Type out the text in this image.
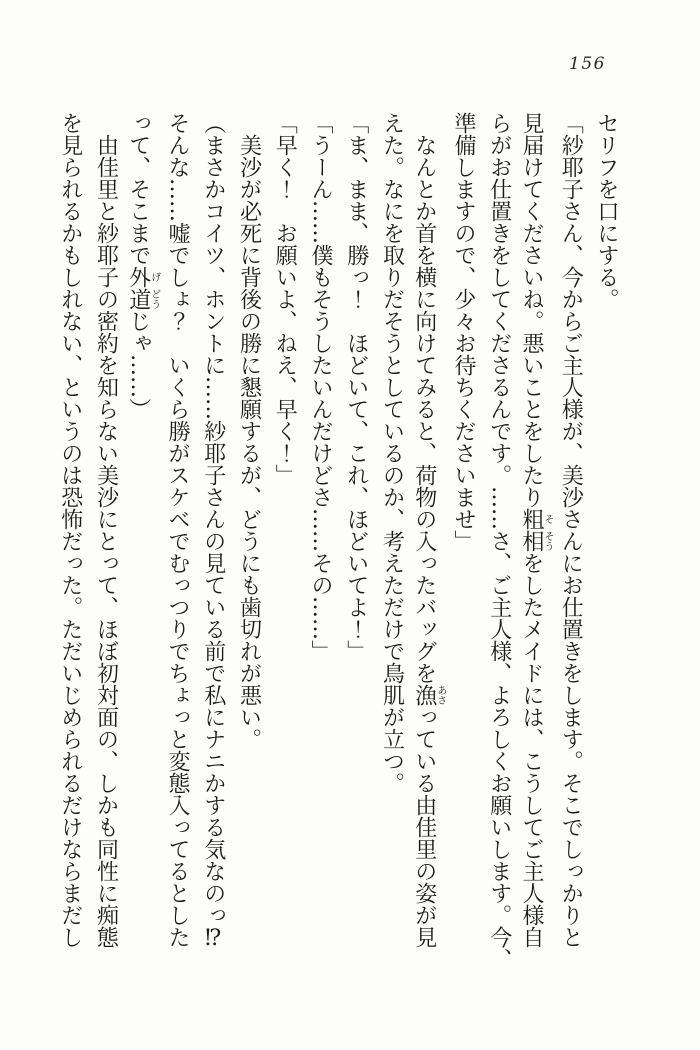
156
セリフを口にする。
「紗耶子さん、今からご主人様が、美沙さんにお仕置きをします。そこでしっかりと
見届けてくださいね。悪いことをしたり粗そ相そうをしたメイドには、こうしてご主人様自
らがお仕置きをしてくださるんです。……さ、ご主人様、よろしくお願いします。今、
準備しますので、少々お待ちくださいませ」
なんとか首を横に向けてみると、荷物の入ったバッグを漁あさっている由佳里の姿が見
えた。なにを取りだそうとしているのか、考えただけで鳥肌が立つ。
「ま、まま、勝っ！　ほどいて、これ、ほどいてよ！」
「うーん……僕もそうしたいんだけどさ……その……」
「早く！　お願いよ、ねえ、早く！」
美沙が必死に背後の勝に懇願するが、どうにも歯切れが悪い。
（まさかコイツ、ホントに……紗耶子さんの見ている前で私にナニかする気なのっ⁉
そんな……嘘でしょ？　いくら勝がスケベでむっつりでちょっと変態入ってるとした
って、そこまで外げ道どうじゃ……）
由佳里と紗耶子の密約を知らない美沙にとって、ほぼ初対面の、しかも同性に痴態
を見られるかもしれない、というのは恐怖だった。ただいじめられるだけならまだし
